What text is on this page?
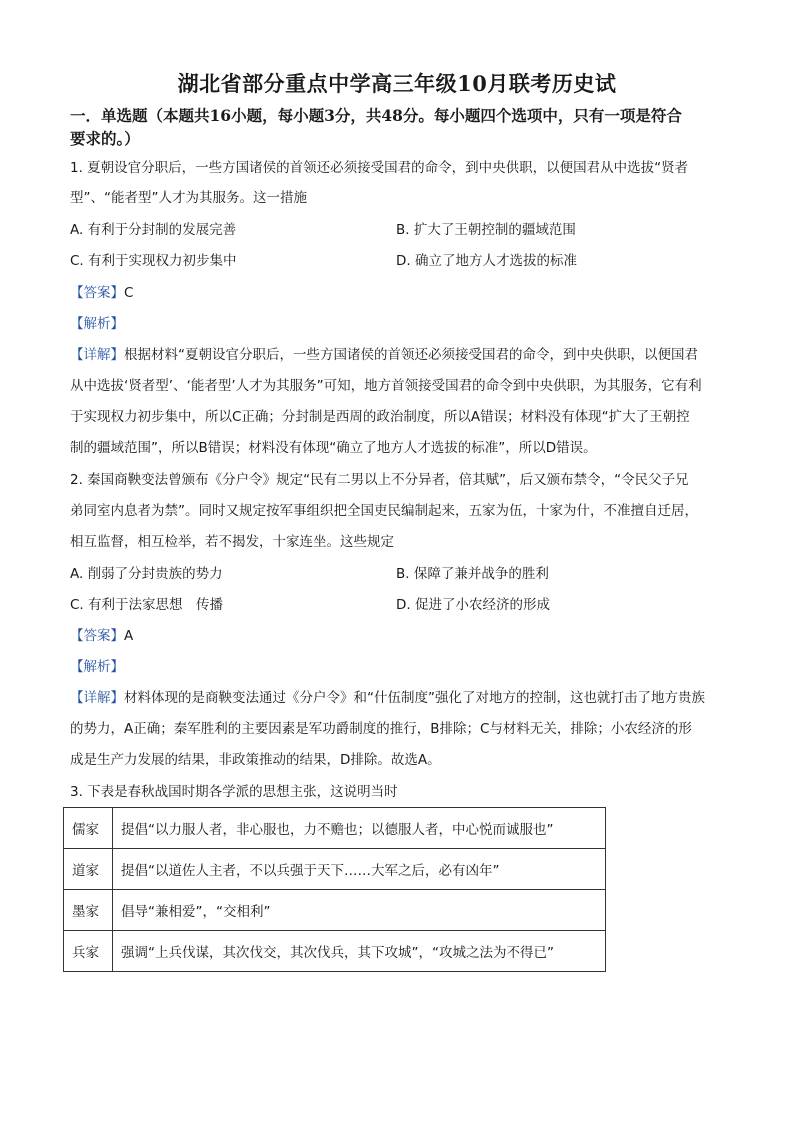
湖北省部分重点中学高三年级10月联考历史试
一．单选题（本题共16小题，每小题3分，共48分。每小题四个选项中，只有一项是符合
要求的。）
1. 夏朝设官分职后，一些方国诸侯的首领还必须接受国君的命令，到中央供职，以便国君从中选拔“贤者
型”、“能者型”人才为其服务。这一措施
A. 有利于分封制的发展完善	B. 扩大了王朝控制的疆域范围
C. 有利于实现权力初步集中	D. 确立了地方人才选拔的标准
【答案】C
【解析】
【详解】根据材料“夏朝设官分职后，一些方国诸侯的首领还必须接受国君的命令，到中央供职，以便国君
从中选拔‘贤者型’、‘能者型’人才为其服务”可知，地方首领接受国君的命令到中央供职，为其服务，它有利
于实现权力初步集中，所以C正确；分封制是西周的政治制度，所以A错误；材料没有体现“扩大了王朝控
制的疆域范围”，所以B错误；材料没有体现“确立了地方人才选拔的标准”，所以D错误。
2. 秦国商鞅变法曾颁布《分户令》规定“民有二男以上不分异者，倍其赋”，后又颁布禁令，“令民父子兄
弟同室内息者为禁”。同时又规定按军事组织把全国吏民编制起来，五家为伍，十家为什，不准擅自迁居，
相互监督，相互检举，若不揭发，十家连坐。这些规定
A. 削弱了分封贵族的势力	B. 保障了兼并战争的胜利
C. 有利于法家思想　传播	D. 促进了小农经济的形成
【答案】A
【解析】
【详解】材料体现的是商鞅变法通过《分户令》和“什伍制度”强化了对地方的控制，这也就打击了地方贵族
的势力，A正确；秦军胜利的主要因素是军功爵制度的推行，B排除；C与材料无关，排除；小农经济的形
成是生产力发展的结果，非政策推动的结果，D排除。故选A。
3. 下表是春秋战国时期各学派的思想主张，这说明当时
儒家	提倡“以力服人者，非心服也，力不赡也；以德服人者，中心悦而诚服也”
道家	提倡“以道佐人主者，不以兵强于天下……大军之后，必有凶年”
墨家	倡导“兼相爱”，“交相利”
兵家	强调“上兵伐谋，其次伐交，其次伐兵，其下攻城”，“攻城之法为不得已”
